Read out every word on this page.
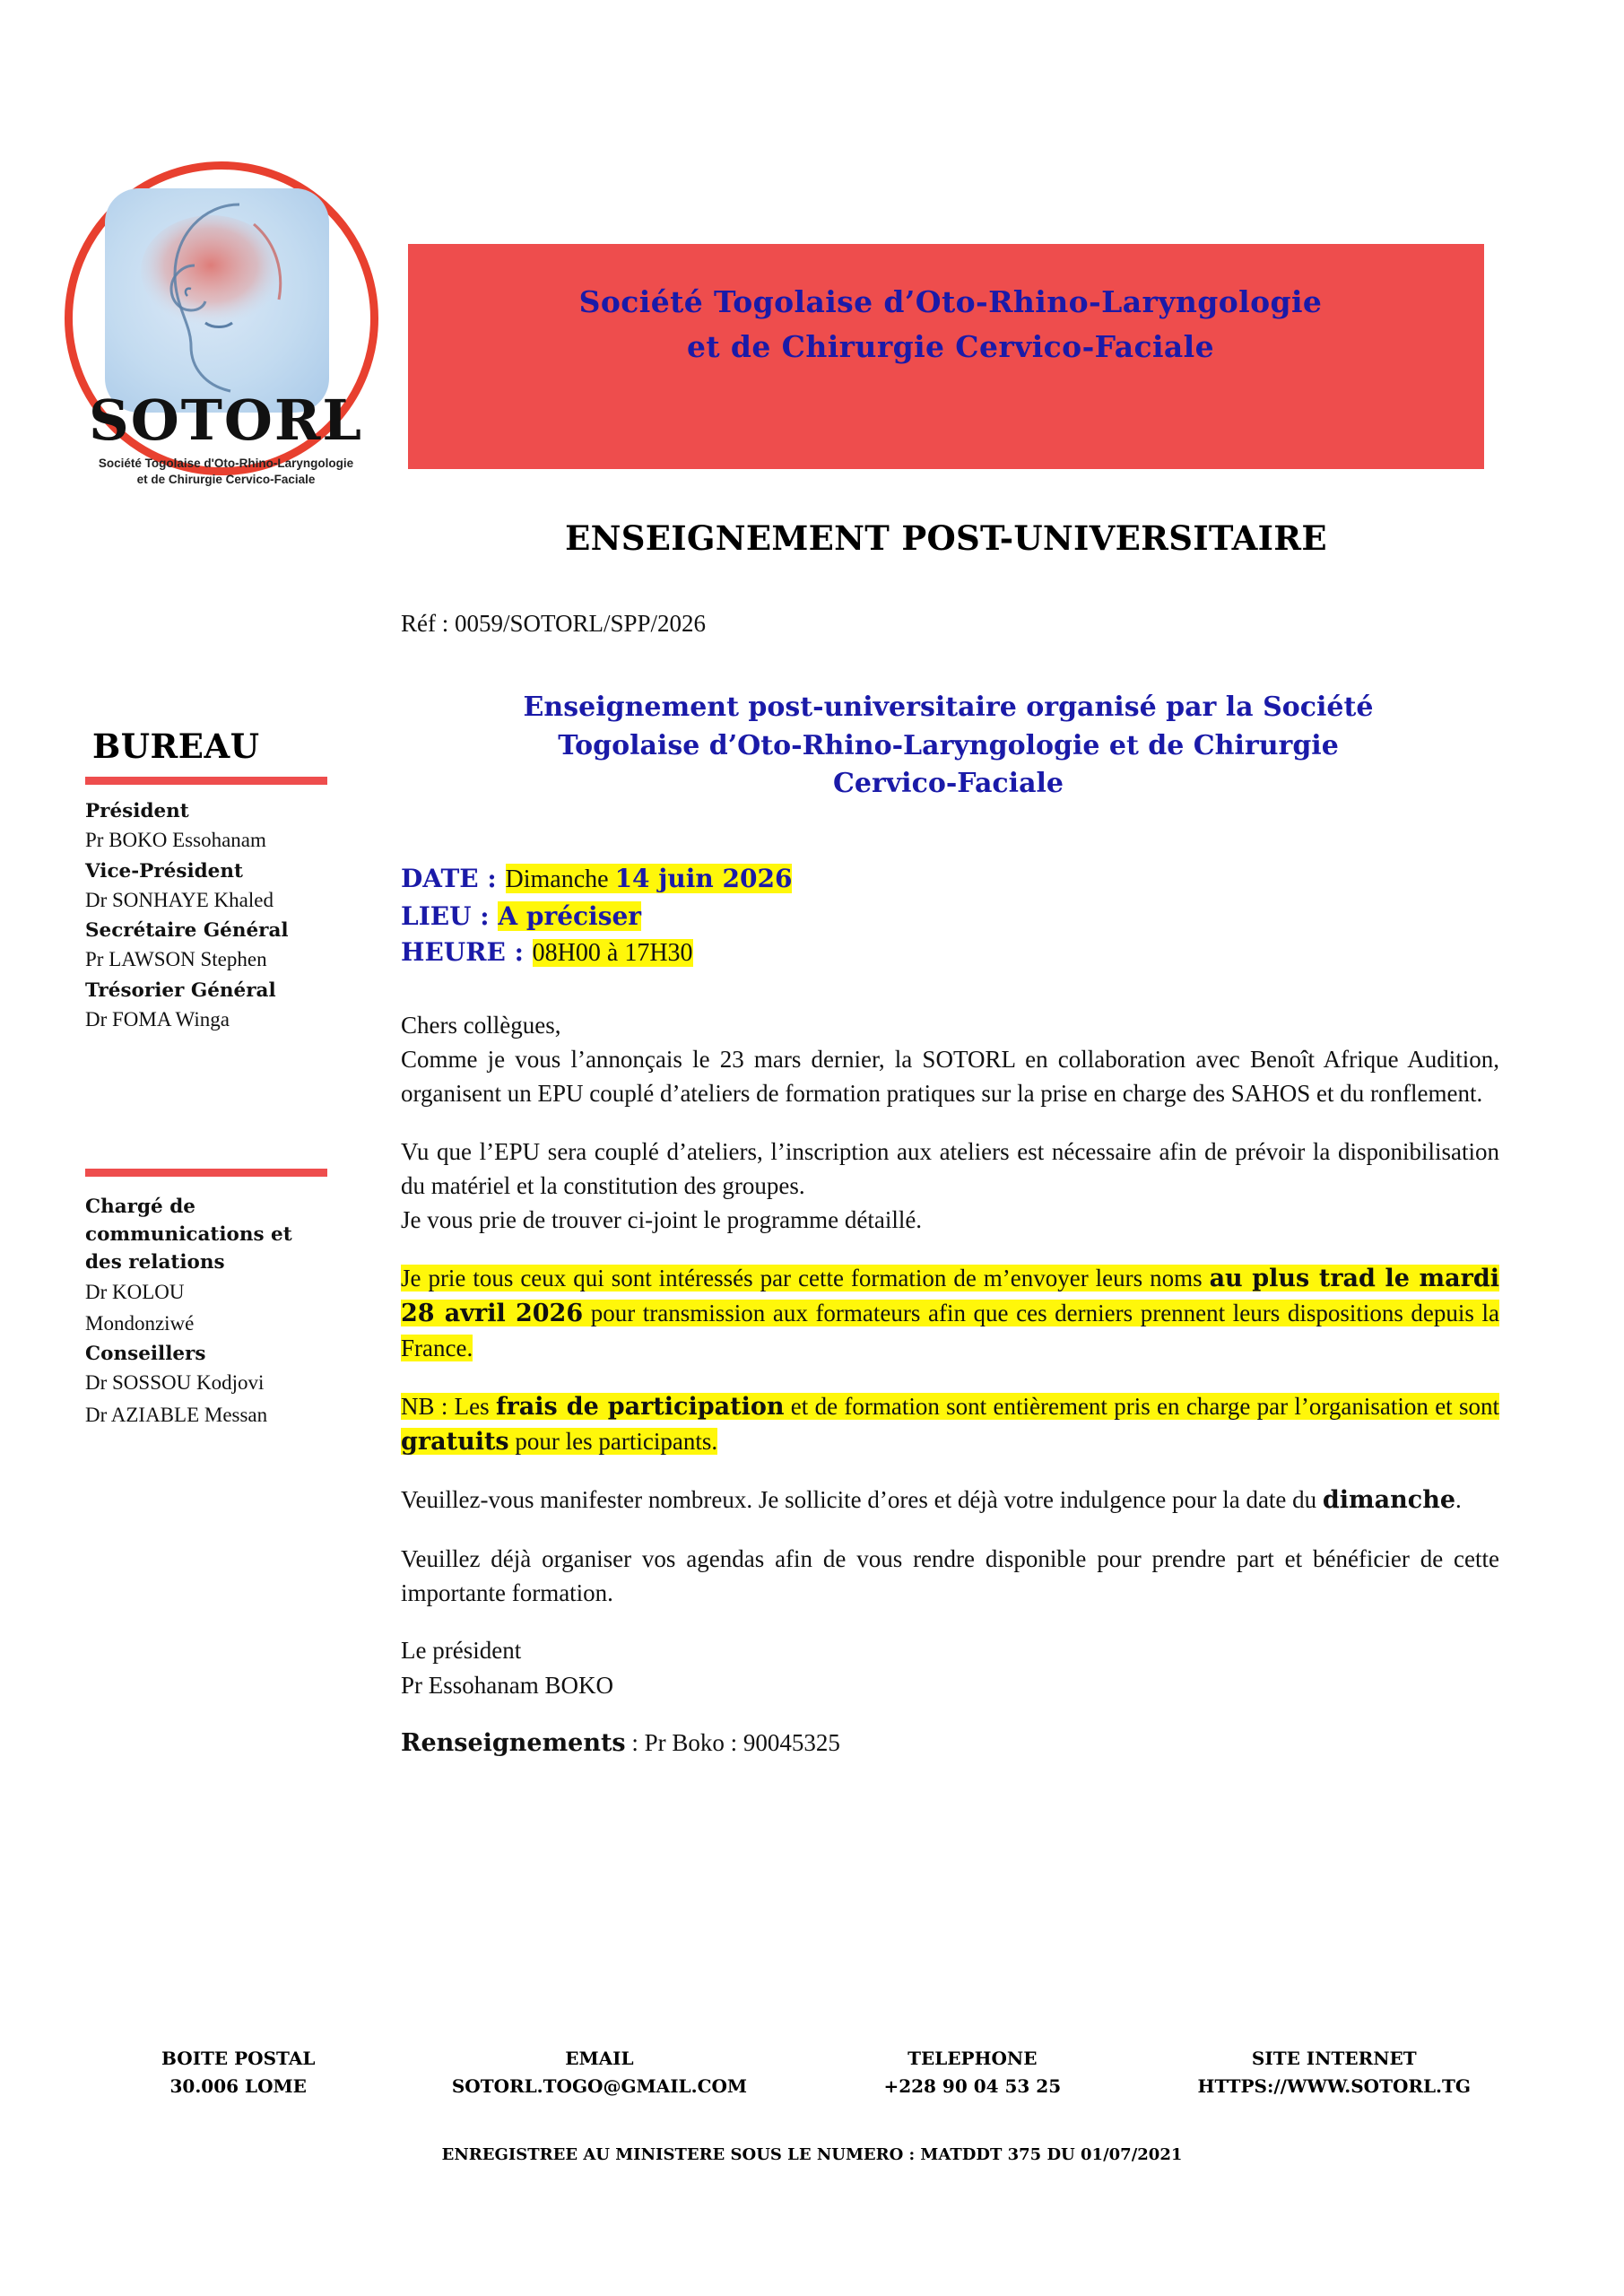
Société Togolaise d’Oto-Rhino-Laryngologie
et de Chirurgie Cervico-Faciale
SOTORL
Société Togolaise d'Oto-Rhino-Laryngologie
et de Chirurgie Cervico-Faciale
ENSEIGNEMENT POST-UNIVERSITAIRE
Réf : 0059/SOTORL/SPP/2026
Enseignement post-universitaire organisé par la Société
Togolaise d’Oto-Rhino-Laryngologie et de Chirurgie
Cervico-Faciale
BUREAU
Président
Pr BOKO Essohanam
Vice-Président
Dr SONHAYE Khaled
Secrétaire Général
Pr LAWSON Stephen
Trésorier Général
Dr FOMA Winga
Chargé de
communications et
des relations
Dr KOLOU
Mondonziwé
Conseillers
Dr SOSSOU Kodjovi
Dr AZIABLE Messan
DATE : Dimanche 14 juin 2026
LIEU : A préciser
HEURE : 08H00 à 17H30

Chers collègues,

Comme je vous l’annonçais le 23 mars dernier, la SOTORL en collaboration avec Benoît Afrique Audition, organisent un EPU couplé d’ateliers de formation pratiques sur la prise en charge des SAHOS et du ronflement.

Vu que l’EPU sera couplé d’ateliers, l’inscription aux ateliers est nécessaire afin de prévoir la disponibilisation du matériel et la constitution des groupes.

Je vous prie de trouver ci-joint le programme détaillé.

Je prie tous ceux qui sont intéressés par cette formation de m’envoyer leurs noms au plus trad le mardi 28 avril 2026 pour transmission aux formateurs afin que ces derniers prennent leurs dispositions depuis la France.

NB : Les frais de participation et de formation sont entièrement pris en charge par l’organisation et sont gratuits pour les participants.

Veuillez-vous manifester nombreux. Je sollicite d’ores et déjà votre indulgence pour la date du dimanche.

Veuillez déjà organiser vos agendas afin de vous rendre disponible pour prendre part et bénéficier de cette importante formation.

Le président

Pr Essohanam BOKO

Renseignements : Pr Boko : 90045325

BOITE POSTAL
30.006 LOME
EMAIL
SOTORL.TOGO@GMAIL.COM
TELEPHONE
+228 90 04 53 25
SITE INTERNET
HTTPS://WWW.SOTORL.TG
ENREGISTREE AU MINISTERE SOUS LE NUMERO : MATDDT 375 DU 01/07/2021
